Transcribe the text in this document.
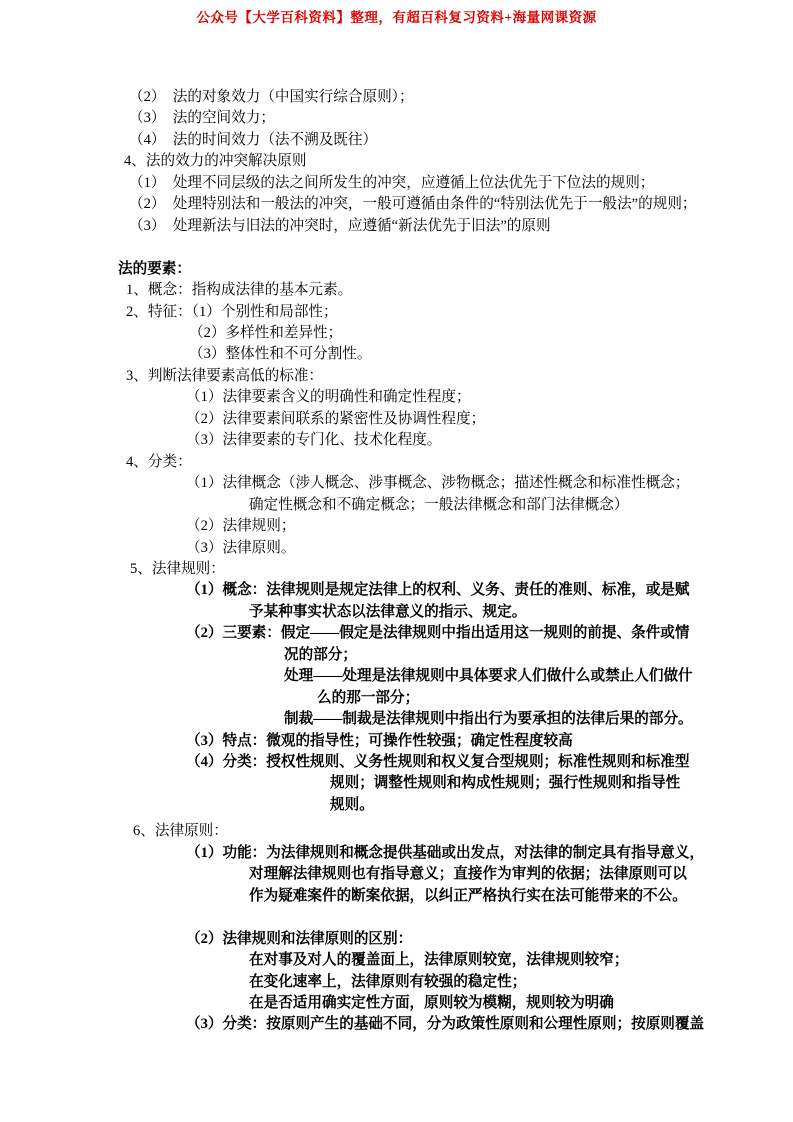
公众号【大学百科资料】整理，有超百科复习资料+海量网课资源
（2）　法的对象效力（中国实行综合原则）；
（3）　法的空间效力；
（4）　法的时间效力（法不溯及既往）
4、法的效力的冲突解决原则
（1）　处理不同层级的法之间所发生的冲突，应遵循上位法优先于下位法的规则；
（2）　处理特别法和一般法的冲突，一般可遵循由条件的“特别法优先于一般法”的规则；
（3）　处理新法与旧法的冲突时，应遵循“新法优先于旧法”的原则
法的要素：
1、概念：指构成法律的基本元素。
2、特征：（1）个别性和局部性；
（2）多样性和差异性；
（3）整体性和不可分割性。
3、判断法律要素高低的标准：
（1）法律要素含义的明确性和确定性程度；
（2）法律要素间联系的紧密性及协调性程度；
（3）法律要素的专门化、技术化程度。
4、分类：
（1）法律概念（涉人概念、涉事概念、涉物概念；描述性概念和标准性概念；
确定性概念和不确定概念；一般法律概念和部门法律概念）
（2）法律规则；
（3）法律原则。
5、法律规则：
（1）概念：法律规则是规定法律上的权利、义务、责任的准则、标准，或是赋
予某种事实状态以法律意义的指示、规定。
（2）三要素：假定——假定是法律规则中指出适用这一规则的前提、条件或情
况的部分；
处理——处理是法律规则中具体要求人们做什么或禁止人们做什
么的那一部分；
制裁——制裁是法律规则中指出行为要承担的法律后果的部分。
（3）特点：微观的指导性；可操作性较强；确定性程度较高
（4）分类：授权性规则、义务性规则和权义复合型规则；标准性规则和标准型
规则；调整性规则和构成性规则；强行性规则和指导性
规则。
6、法律原则：
（1）功能：为法律规则和概念提供基础或出发点，对法律的制定具有指导意义，
对理解法律规则也有指导意义；直接作为审判的依据；法律原则可以
作为疑难案件的断案依据，以纠正严格执行实在法可能带来的不公。
（2）法律规则和法律原则的区别：
在对事及对人的覆盖面上，法律原则较宽，法律规则较窄；
在变化速率上，法律原则有较强的稳定性；
在是否适用确实定性方面，原则较为模糊，规则较为明确
（3）分类：按原则产生的基础不同，分为政策性原则和公理性原则；按原则覆盖
